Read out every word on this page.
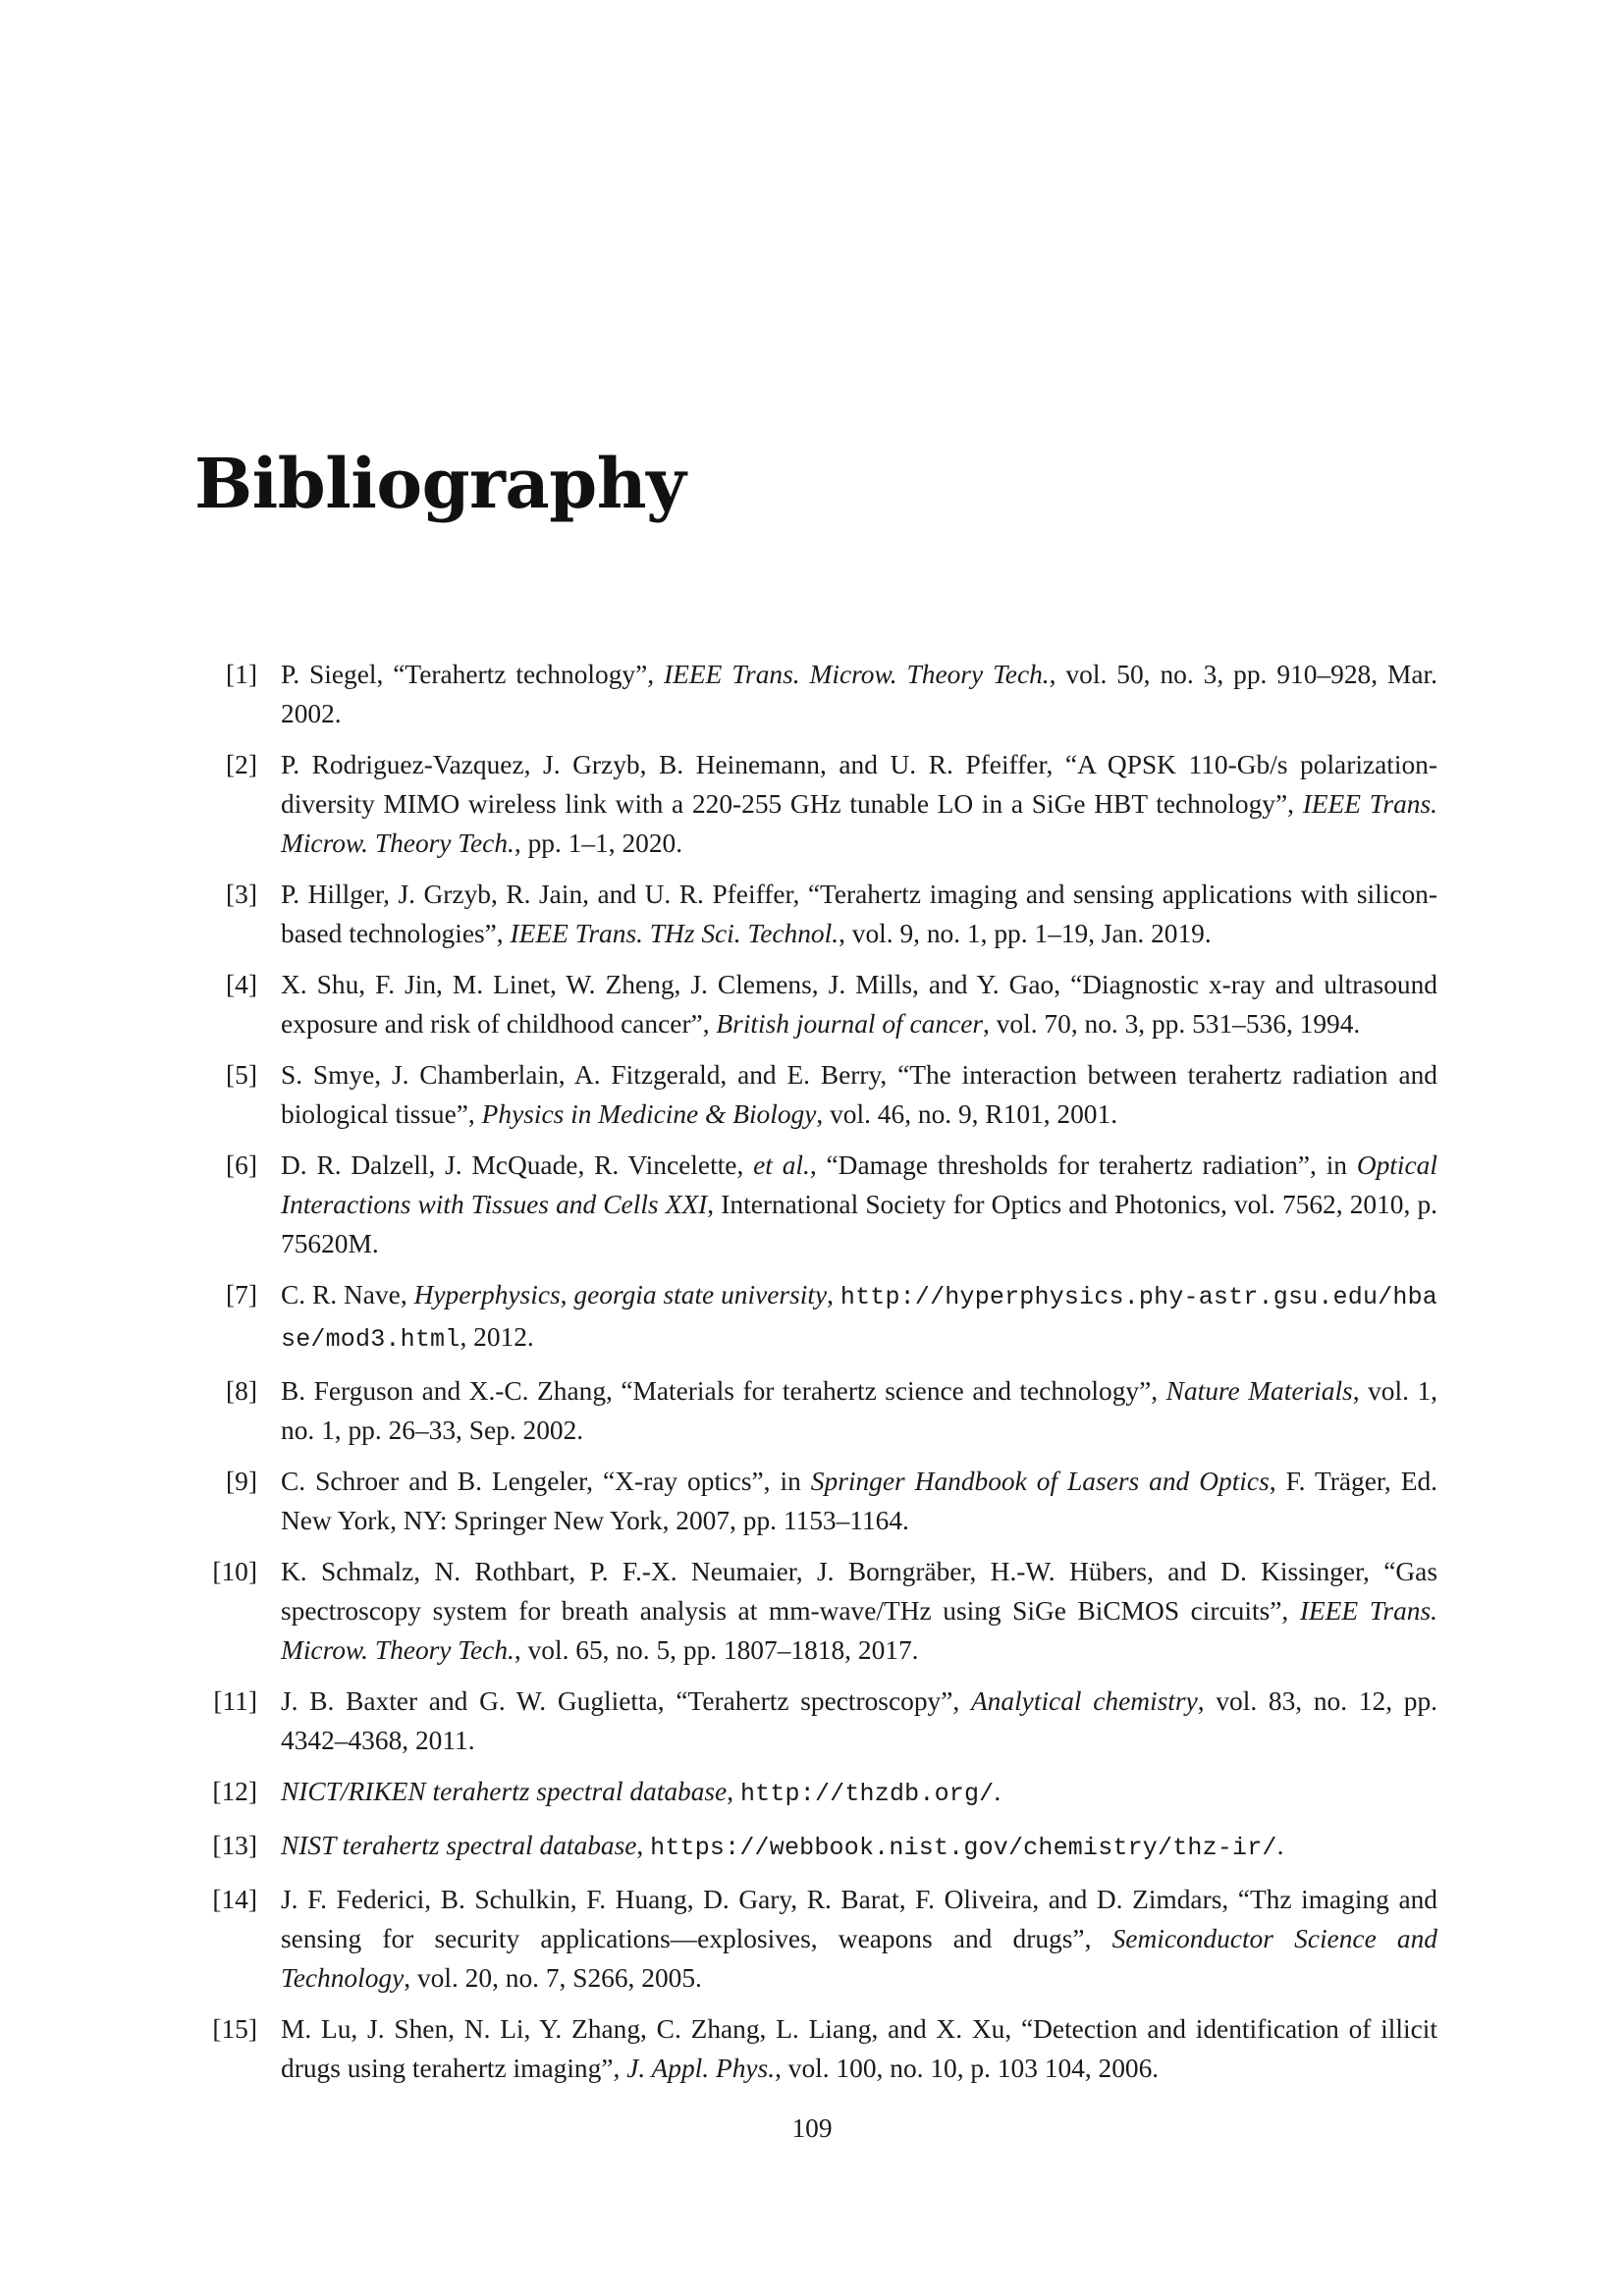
Bibliography
[1] P. Siegel, “Terahertz technology”, IEEE Trans. Microw. Theory Tech., vol. 50, no. 3, pp. 910–928, Mar. 2002.
[2] P. Rodriguez-Vazquez, J. Grzyb, B. Heinemann, and U. R. Pfeiffer, “A QPSK 110-Gb/s polarization-diversity MIMO wireless link with a 220-255 GHz tunable LO in a SiGe HBT technology”, IEEE Trans. Microw. Theory Tech., pp. 1–1, 2020.
[3] P. Hillger, J. Grzyb, R. Jain, and U. R. Pfeiffer, “Terahertz imaging and sensing applications with silicon-based technologies”, IEEE Trans. THz Sci. Technol., vol. 9, no. 1, pp. 1–19, Jan. 2019.
[4] X. Shu, F. Jin, M. Linet, W. Zheng, J. Clemens, J. Mills, and Y. Gao, “Diagnostic x-ray and ultrasound exposure and risk of childhood cancer”, British journal of cancer, vol. 70, no. 3, pp. 531–536, 1994.
[5] S. Smye, J. Chamberlain, A. Fitzgerald, and E. Berry, “The interaction between terahertz radiation and biological tissue”, Physics in Medicine & Biology, vol. 46, no. 9, R101, 2001.
[6] D. R. Dalzell, J. McQuade, R. Vincelette, et al., “Damage thresholds for terahertz radiation”, in Optical Interactions with Tissues and Cells XXI, International Society for Optics and Photonics, vol. 7562, 2010, p. 75620M.
[7] C. R. Nave, Hyperphysics, georgia state university, http://hyperphysics.phy-astr.gsu.edu/hbase/mod3.html, 2012.
[8] B. Ferguson and X.-C. Zhang, “Materials for terahertz science and technology”, Nature Materials, vol. 1, no. 1, pp. 26–33, Sep. 2002.
[9] C. Schroer and B. Lengeler, “X-ray optics”, in Springer Handbook of Lasers and Optics, F. Träger, Ed. New York, NY: Springer New York, 2007, pp. 1153–1164.
[10] K. Schmalz, N. Rothbart, P. F.-X. Neumaier, J. Borngräber, H.-W. Hübers, and D. Kissinger, “Gas spectroscopy system for breath analysis at mm-wave/THz using SiGe BiCMOS circuits”, IEEE Trans. Microw. Theory Tech., vol. 65, no. 5, pp. 1807–1818, 2017.
[11] J. B. Baxter and G. W. Guglietta, “Terahertz spectroscopy”, Analytical chemistry, vol. 83, no. 12, pp. 4342–4368, 2011.
[12] NICT/RIKEN terahertz spectral database, http://thzdb.org/.
[13] NIST terahertz spectral database, https://webbook.nist.gov/chemistry/thz-ir/.
[14] J. F. Federici, B. Schulkin, F. Huang, D. Gary, R. Barat, F. Oliveira, and D. Zimdars, “Thz imaging and sensing for security applications—explosives, weapons and drugs”, Semiconductor Science and Technology, vol. 20, no. 7, S266, 2005.
[15] M. Lu, J. Shen, N. Li, Y. Zhang, C. Zhang, L. Liang, and X. Xu, “Detection and identification of illicit drugs using terahertz imaging”, J. Appl. Phys., vol. 100, no. 10, p. 103 104, 2006.
109
